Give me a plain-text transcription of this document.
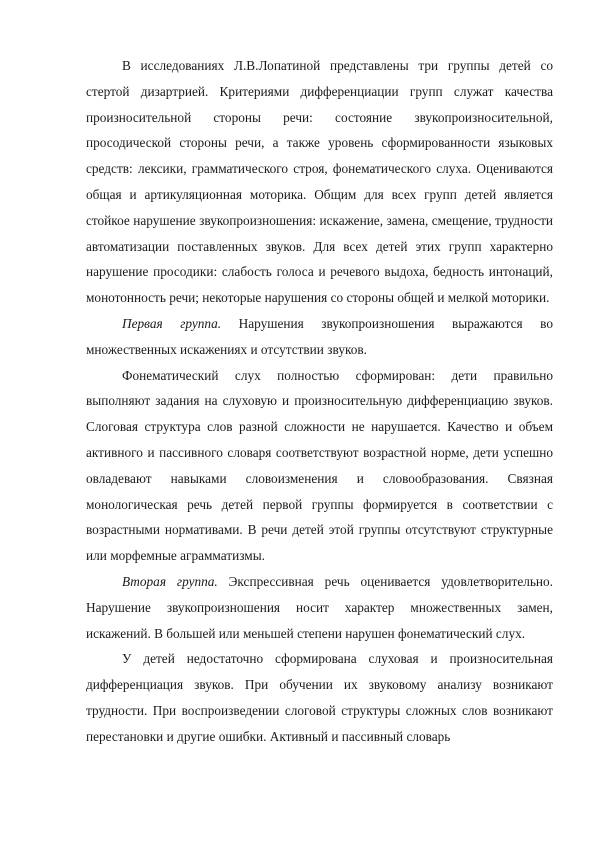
В исследованиях Л.В.Лопатиной представлены три группы детей со стертой дизартрией. Критериями дифференциации групп служат качества произносительной стороны речи: состояние звукопроизносительной, просодической стороны речи, а также уровень сформированности языковых средств: лексики, грамматического строя, фонематического слуха. Оцениваются общая и артикуляционная моторика. Общим для всех групп детей является стойкое нарушение звукопроизношения: искажение, замена, смещение, трудности автоматизации поставленных звуков. Для всех детей этих групп характерно нарушение просодики: слабость голоса и речевого выдоха, бедность интонаций, монотонность речи; некоторые нарушения со стороны общей и мелкой моторики.

Первая группа. Нарушения звукопроизношения выражаются во множественных искажениях и отсутствии звуков.

Фонематический слух полностью сформирован: дети правильно выполняют задания на слуховую и произносительную дифференциацию звуков. Слоговая структура слов разной сложности не нарушается. Качество и объем активного и пассивного словаря соответствуют возрастной норме, дети успешно овладевают навыками словоизменения и словообразования. Связная монологическая речь детей первой группы формируется в соответствии с возрастными нормативами. В речи детей этой группы отсутствуют структурные или морфемные аграмматизмы.

Вторая группа. Экспрессивная речь оценивается удовлетворительно. Нарушение звукопроизношения носит характер множественных замен, искажений. В большей или меньшей степени нарушен фонематический слух.

У детей недостаточно сформирована слуховая и произносительная дифференциация звуков. При обучении их звуковому анализу возникают трудности. При воспроизведении слоговой структуры сложных слов возникают перестановки и другие ошибки. Активный и пассивный словарь
